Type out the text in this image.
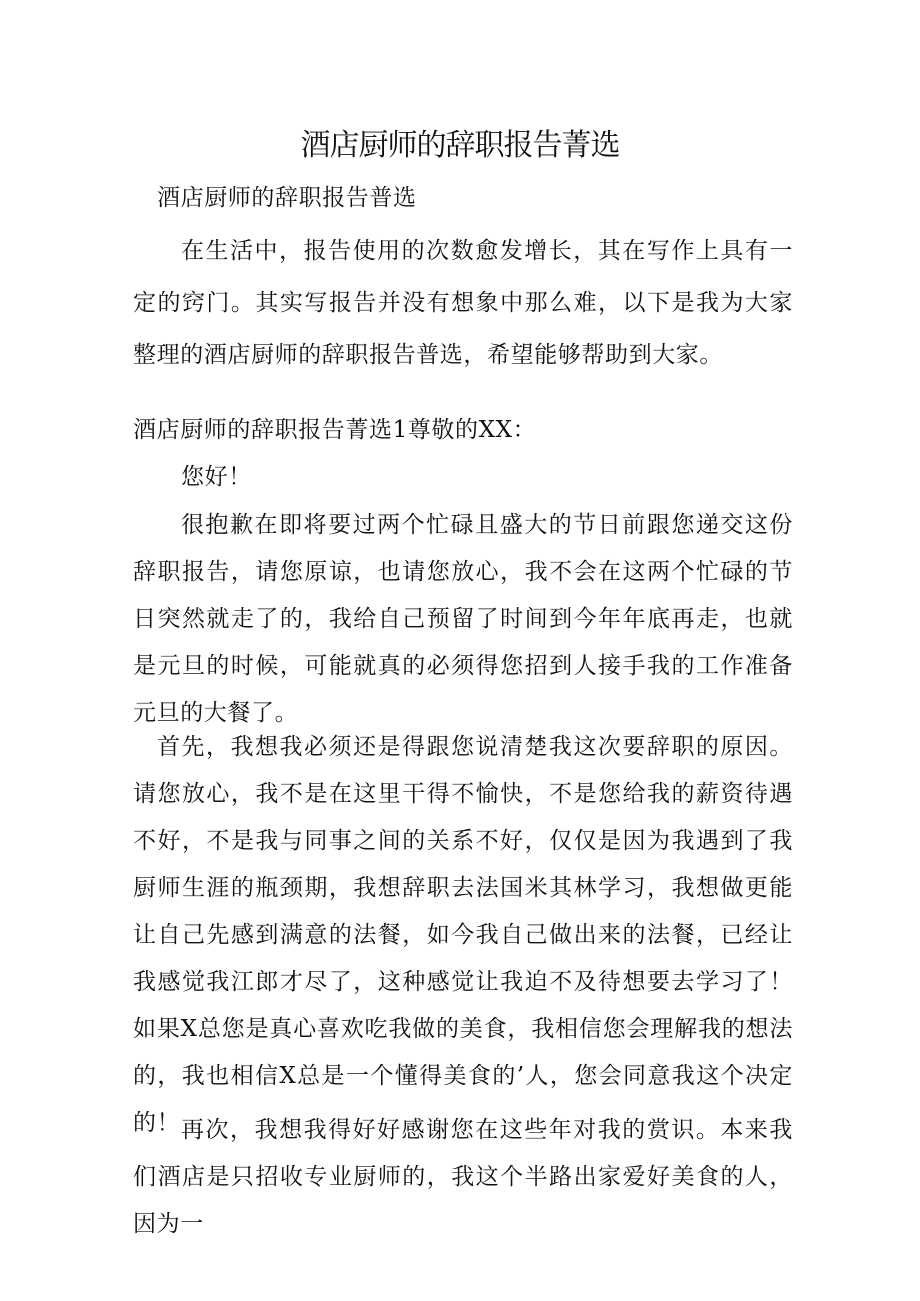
酒店厨师的辞职报告菁选

酒店厨师的辞职报告普选

在生活中，报告使用的次数愈发增长，其在写作上具有一定的窍门。其实写报告并没有想象中那么难，以下是我为大家整理的酒店厨师的辞职报告普选，希望能够帮助到大家。

酒店厨师的辞职报告菁选1尊敬的XX：

您好！

很抱歉在即将要过两个忙碌且盛大的节日前跟您递交这份辞职报告，请您原谅，也请您放心，我不会在这两个忙碌的节日突然就走了的，我给自己预留了时间到今年年底再走，也就是元旦的时候，可能就真的必须得您招到人接手我的工作准备元旦的大餐了。

首先，我想我必须还是得跟您说清楚我这次要辞职的原因。请您放心，我不是在这里干得不愉快，不是您给我的薪资待遇不好，不是我与同事之间的关系不好，仅仅是因为我遇到了我厨师生涯的瓶颈期，我想辞职去法国米其林学习，我想做更能让自己先感到满意的法餐，如今我自己做出来的法餐，已经让我感觉我江郎才尽了，这种感觉让我迫不及待想要去学习了！如果X总您是真心喜欢吃我做的美食，我相信您会理解我的想法的，我也相信X总是一个懂得美食的’人，您会同意我这个决定的！ 再次，我想我得好好感谢您在这些年对我的赏识。本来我们酒店是只招收专业厨师的，我这个半路出家爱好美食的人，因为一
